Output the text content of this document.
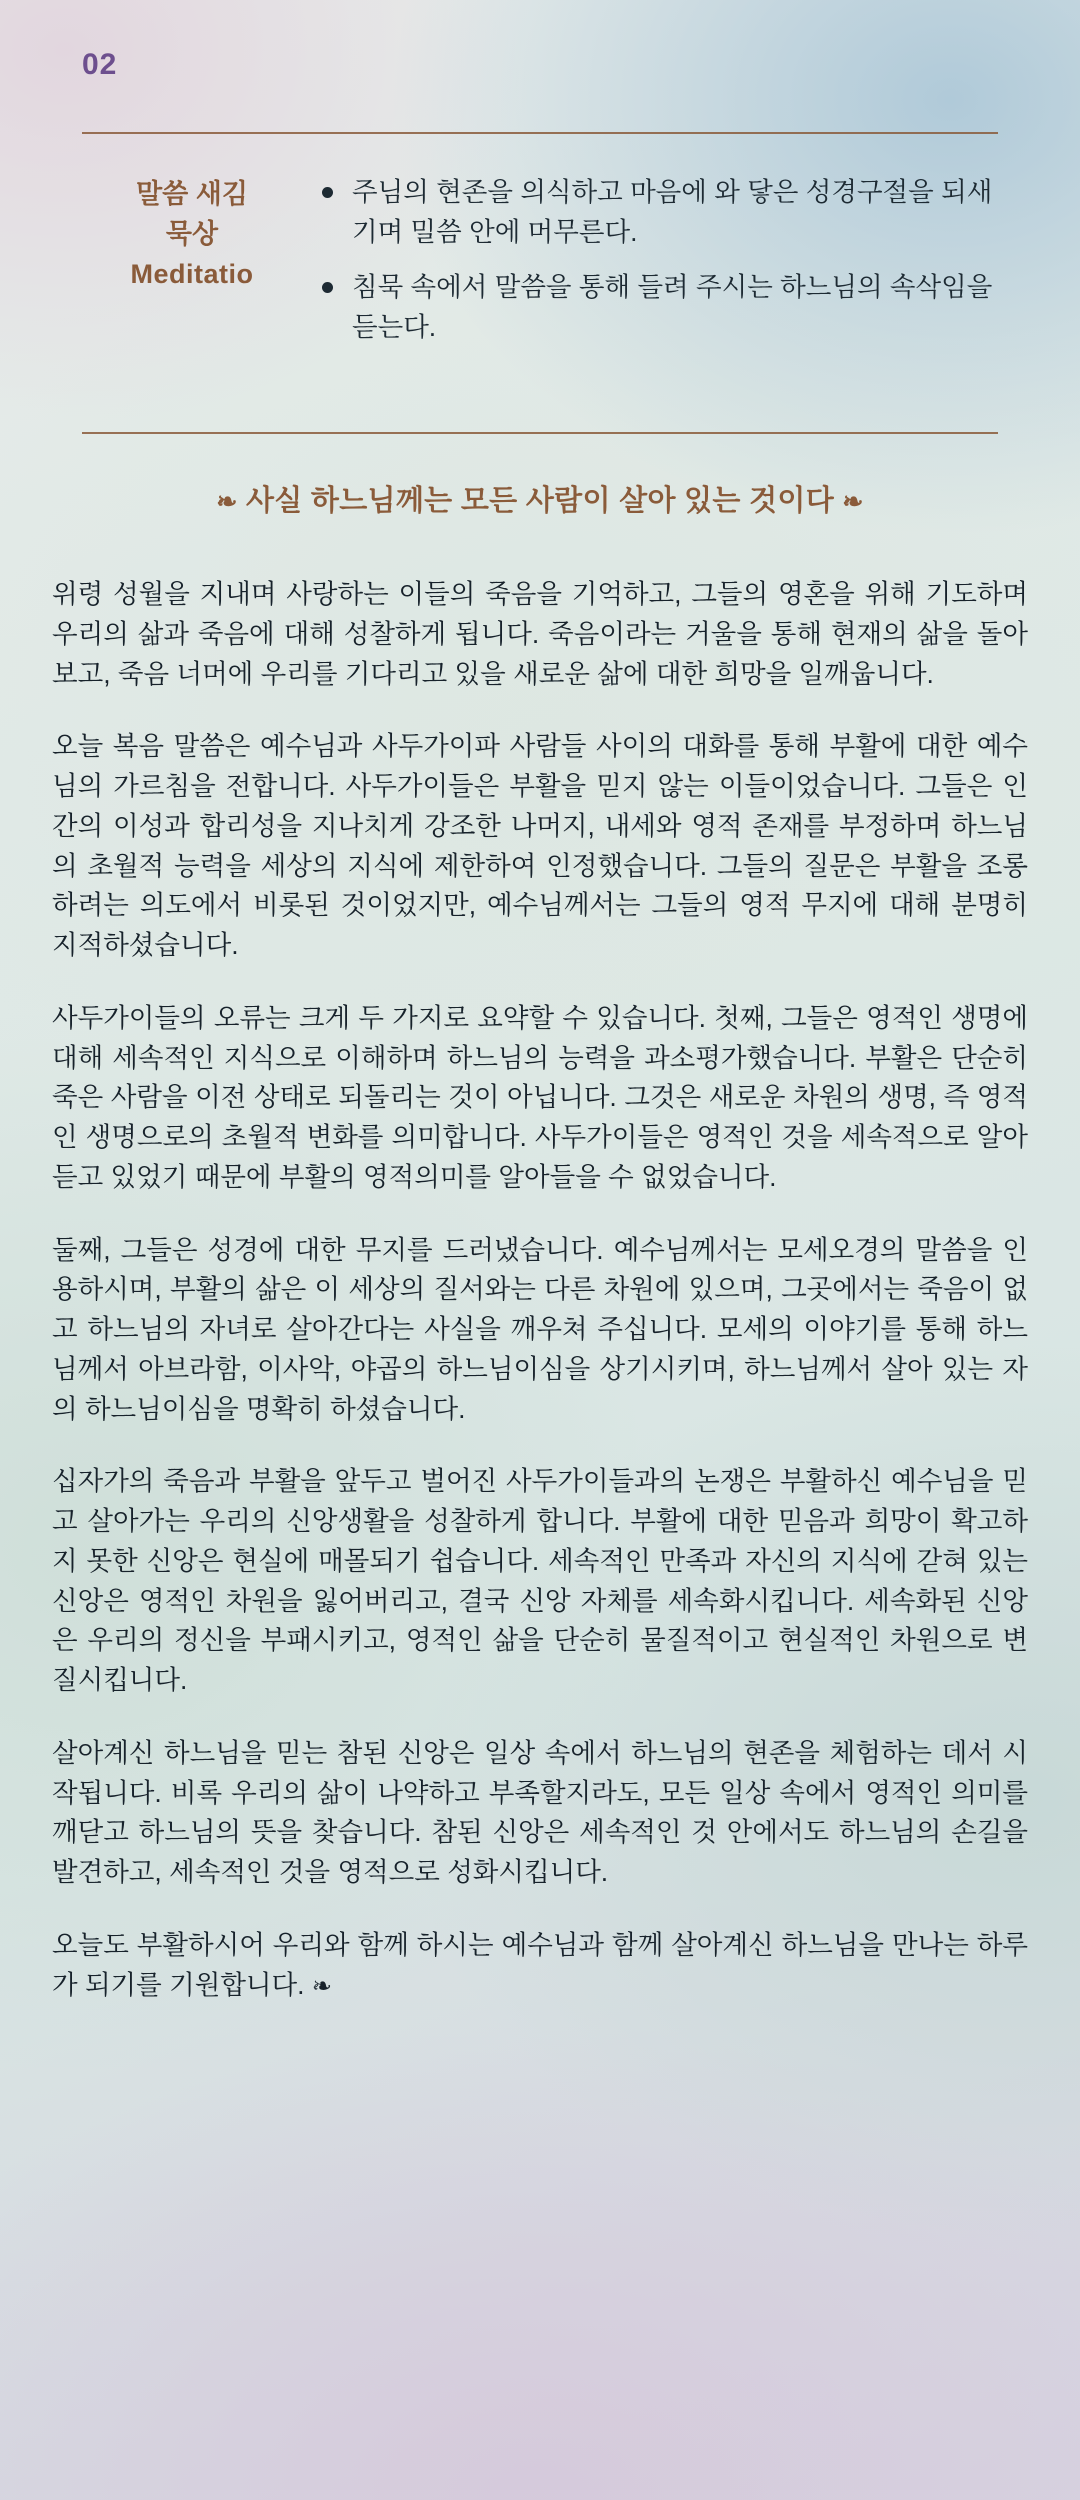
02
말씀 새김
묵상
Meditatio
주님의 현존을 의식하고 마음에 와 닿은 성경구절을 되새기며 밀씀 안에 머무른다.
침묵 속에서 말씀을 통해 들려 주시는 하느님의 속삭임을 듣는다.
❧ 사실 하느님께는 모든 사람이 살아 있는 것이다 ❧

위령 성월을 지내며 사랑하는 이들의 죽음을 기억하고, 그들의 영혼을 위해 기도하며 우리의 삶과 죽음에 대해 성찰하게 됩니다. 죽음이라는 거울을 통해 현재의 삶을 돌아보고, 죽음 너머에 우리를 기다리고 있을 새로운 삶에 대한 희망을 일깨웁니다.

오늘 복음 말씀은 예수님과 사두가이파 사람들 사이의 대화를 통해 부활에 대한 예수님의 가르침을 전합니다. 사두가이들은 부활을 믿지 않는 이들이었습니다. 그들은 인간의 이성과 합리성을 지나치게 강조한 나머지, 내세와 영적 존재를 부정하며 하느님의 초월적 능력을 세상의 지식에 제한하여 인정했습니다. 그들의 질문은 부활을 조롱하려는 의도에서 비롯된 것이었지만, 예수님께서는 그들의 영적 무지에 대해 분명히 지적하셨습니다.

사두가이들의 오류는 크게 두 가지로 요약할 수 있습니다. 첫째, 그들은 영적인 생명에 대해 세속적인 지식으로 이해하며 하느님의 능력을 과소평가했습니다. 부활은 단순히 죽은 사람을 이전 상태로 되돌리는 것이 아닙니다. 그것은 새로운 차원의 생명, 즉 영적인 생명으로의 초월적 변화를 의미합니다. 사두가이들은 영적인 것을 세속적으로 알아듣고 있었기 때문에 부활의 영적의미를 알아들을 수 없었습니다.

둘째, 그들은 성경에 대한 무지를 드러냈습니다. 예수님께서는 모세오경의 말씀을 인용하시며, 부활의 삶은 이 세상의 질서와는 다른 차원에 있으며, 그곳에서는 죽음이 없고 하느님의 자녀로 살아간다는 사실을 깨우쳐 주십니다. 모세의 이야기를 통해 하느님께서 아브라함, 이사악, 야곱의 하느님이심을 상기시키며, 하느님께서 살아 있는 자의 하느님이심을 명확히 하셨습니다.

십자가의 죽음과 부활을 앞두고 벌어진 사두가이들과의 논쟁은 부활하신 예수님을 믿고 살아가는 우리의 신앙생활을 성찰하게 합니다. 부활에 대한 믿음과 희망이 확고하지 못한 신앙은 현실에 매몰되기 쉽습니다. 세속적인 만족과 자신의 지식에 갇혀 있는 신앙은 영적인 차원을 잃어버리고, 결국 신앙 자체를 세속화시킵니다. 세속화된 신앙은 우리의 정신을 부패시키고, 영적인 삶을 단순히 물질적이고 현실적인 차원으로 변질시킵니다.

살아계신 하느님을 믿는 참된 신앙은 일상 속에서 하느님의 현존을 체험하는 데서 시작됩니다. 비록 우리의 삶이 나약하고 부족할지라도, 모든 일상 속에서 영적인 의미를 깨닫고 하느님의 뜻을 찾습니다. 참된 신앙은 세속적인 것 안에서도 하느님의 손길을 발견하고, 세속적인 것을 영적으로 성화시킵니다.

오늘도 부활하시어 우리와 함께 하시는 예수님과 함께 살아계신 하느님을 만나는 하루가 되기를 기원합니다. ❧
